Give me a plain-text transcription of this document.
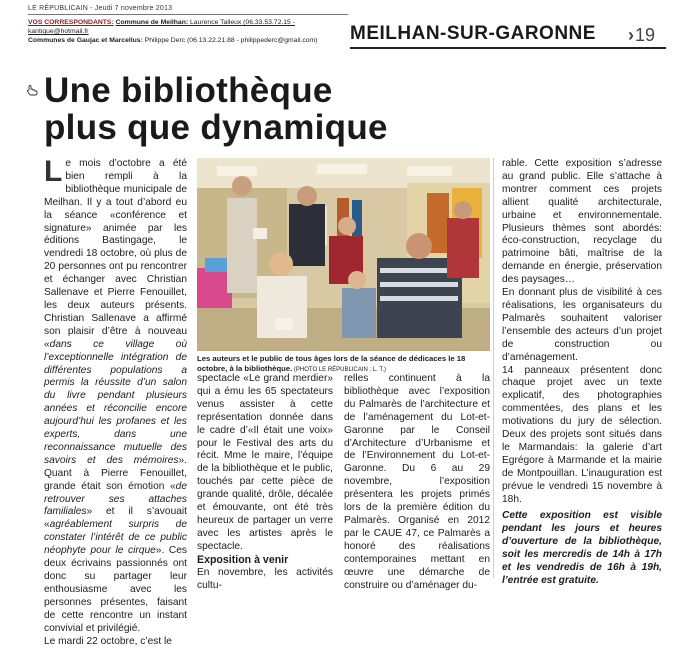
LE RÉPUBLICAIN - Jeudi 7 novembre 2013
VOS CORRESPONDANTS: Commune de Meilhan: Laurence Talleux (06.33.53.72.15 - kantique@hotmail.fr
Communes de Gaujac et Marcellus: Philippe Derc (06.13.22.21.88 - philippederc@gmail.com)	MEILHAN-SUR-GARONNE ›19
Une bibliothèque
plus que dynamique

Le mois d’octobre a été bien rempli à la bibliothèque municipale de Meilhan. Il y a tout d’abord eu la séance «conférence et signature» animée par les éditions Bastingage, le vendredi 18 octobre, où plus de 20 personnes ont pu rencontrer et échanger avec Christian Sallenave et Pierre Fenouillet, les deux auteurs présents. Christian Sallenave a affirmé son plaisir d’être à nouveau «dans ce village où l’exceptionnelle intégration de différentes populations a permis la réussite d’un salon du livre pendant plusieurs années et réconcilie encore aujourd’hui les profanes et les experts, dans une reconnaissance mutuelle des savoirs et des mémoires». Quant à Pierre Fenouillet, grande était son émotion «de retrouver ses attaches familiales» et il s’avouait «agréablement surpris de constater l’intérêt de ce public néophyte pour le cirque». Ces deux écrivains passionnés ont donc su partager leur enthousiasme avec les personnes présentes, faisant de cette rencontre un instant convivial et privilégié.

Le mardi 22 octobre, c’est le

Les auteurs et le public de tous âges lors de la séance de dédicaces le 18 octobre, à la bibliothèque. (PHOTO LE RÉPUBLICAIN : L. T.)

spectacle «Le grand merdier» qui a ému les 65 spectateurs venus assister à cette représentation donnée dans le cadre d’«Il était une voix» pour le Festival des arts du récit. Mme le maire, l’équipe de la bibliothèque et le public, touchés par cette pièce de grande qualité, drôle, décalée et émouvante, ont été très heureux de partager un verre avec les artistes après le spectacle.

Exposition à venir

En novembre, les activités cultu-

relles continuent à la bibliothèque avec l’exposition du Palmarès de l’architecture et de l’aménagement du Lot-et-Garonne par le Conseil d’Architecture d’Urbanisme et de l’Environnement du Lot-et-Garonne. Du 6 au 29 novembre, l’exposition présentera les projets primés lors de la première édition du Palmarès. Organisé en 2012 par le CAUE 47, ce Palmarès a honoré des réalisations contemporaines mettant en œuvre une démarche de construire ou d’aménager du-

rable. Cette exposition s’adresse au grand public. Elle s’attache à montrer comment ces projets allient qualité architecturale, urbaine et environnementale. Plusieurs thèmes sont abordés: éco-construction, recyclage du patrimoine bâti, maîtrise de la demande en énergie, préservation des paysages…

En donnant plus de visibilité à ces réalisations, les organisateurs du Palmarès souhaitent valoriser l’ensemble des acteurs d’un projet de construction ou d’aménagement.

14 panneaux présentent donc chaque projet avec un texte explicatif, des photographies commentées, des plans et les motivations du jury de sélection. Deux des projets sont situés dans le Marmandais: la galerie d’art Egrégore à Marmande et la mairie de Montpouillan. L’inauguration est prévue le vendredi 15 novembre à 18h.

Cette exposition est visible pendant les jours et heures d’ouverture de la bibliothèque, soit les mercredis de 14h à 17h et les vendredis de 16h à 19h, l’entrée est gratuite.
